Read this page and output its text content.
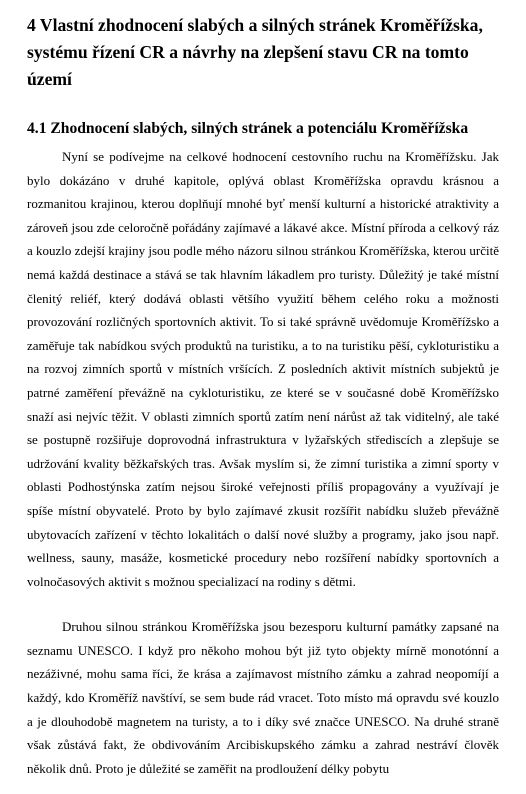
4 Vlastní zhodnocení slabých a silných stránek Kroměřížska, systému řízení CR a návrhy na zlepšení stavu CR na tomto území
4.1 Zhodnocení slabých, silných stránek a potenciálu Kroměřížska

Nyní se podívejme na celkové hodnocení cestovního ruchu na Kroměřížsku. Jak bylo dokázáno v druhé kapitole, oplývá oblast Kroměřížska opravdu krásnou a rozmanitou krajinou, kterou doplňují mnohé byť menší kulturní a historické atraktivity a zároveň jsou zde celoročně pořádány zajímavé a lákavé akce. Místní příroda a celkový ráz a kouzlo zdejší krajiny jsou podle mého názoru silnou stránkou Kroměřížska, kterou určitě nemá každá destinace a stává se tak hlavním lákadlem pro turisty. Důležitý je také místní členitý reliéf, který dodává oblasti většího využití během celého roku a možnosti provozování rozličných sportovních aktivit. To si také správně uvědomuje Kroměřížsko a zaměřuje tak nabídkou svých produktů na turistiku, a to na turistiku pěší, cykloturistiku a na rozvoj zimních sportů v místních vršících. Z posledních aktivit místních subjektů je patrné zaměření převážně na cykloturistiku, ze které se v současné době Kroměřížsko snaží asi nejvíc těžit. V oblasti zimních sportů zatím není nárůst až tak viditelný, ale také se postupně rozšiřuje doprovodná infrastruktura v lyžařských střediscích a zlepšuje se udržování kvality běžkařských tras. Avšak myslím si, že zimní turistika a zimní sporty v oblasti Podhostýnska zatím nejsou široké veřejnosti příliš propagovány a využívají je spíše místní obyvatelé. Proto by bylo zajímavé zkusit rozšířit nabídku služeb převážně ubytovacích zařízení v těchto lokalitách o další nové služby a programy, jako jsou např. wellness, sauny, masáže, kosmetické procedury nebo rozšíření nabídky sportovních a volnočasových aktivit s možnou specializací na rodiny s dětmi.

Druhou silnou stránkou Kroměřížska jsou bezesporu kulturní památky zapsané na seznamu UNESCO. I když pro někoho mohou být již tyto objekty mírně monotónní a nezáživné, mohu sama říci, že krása a zajímavost místního zámku a zahrad neopomíjí a každý, kdo Kroměříž navštíví, se sem bude rád vracet. Toto místo má opravdu své kouzlo a je dlouhodobě magnetem na turisty, a to i díky své značce UNESCO. Na druhé straně však zůstává fakt, že obdivováním Arcibiskupského zámku a zahrad nestráví člověk několik dnů. Proto je důležité se zaměřit na prodloužení délky pobytu
